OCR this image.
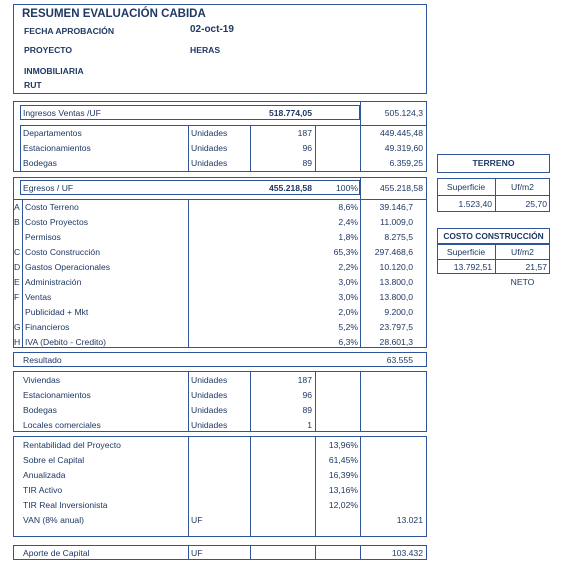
RESUMEN EVALUACIÓN CABIDA
FECHA APROBACIÓN	02-oct-19
PROYECTO	HERAS
INMOBILIARIA
RUT
Ingresos Ventas /UF	518.774,05	505.124,3
Departamentos	Unidades	187	449.445,48
Estacionamientos	Unidades	96	49.319,60
Bodegas	Unidades	89	6.359,25
Egresos / UF	455.218,58	100%	455.218,58
A Costo Terreno	8,6%	39.146,7
B Costo Proyectos	2,4%	11.009,0
Permisos	1,8%	8.275,5
C Costo Construcción	65,3%	297.468,6
D Gastos Operacionales	2,2%	10.120,0
E Administración	3,0%	13.800,0
F Ventas	3,0%	13.800,0
Publicidad + Mkt	2,0%	9.200,0
G Financieros	5,2%	23.797,5
H IVA (Debito - Credito)	6,3%	28.601,3
Resultado	63.555
Viviendas	Unidades	187
Estacionamientos	Unidades	96
Bodegas	Unidades	89
Locales comerciales	Unidades	1
Rentabilidad del Proyecto	13,96%
Sobre el Capital	61,45%
Anualizada	16,39%
TIR Activo	13,16%
TIR Real Inversionista	12,02%
VAN (8% anual)	UF	13.021
Aporte de Capital	UF	103.432
TERRENO
Superficie	Uf/m2
1.523,40	25,70
COSTO CONSTRUCCIÓN
Superficie	Uf/m2
13.792,51	21,57
NETO
